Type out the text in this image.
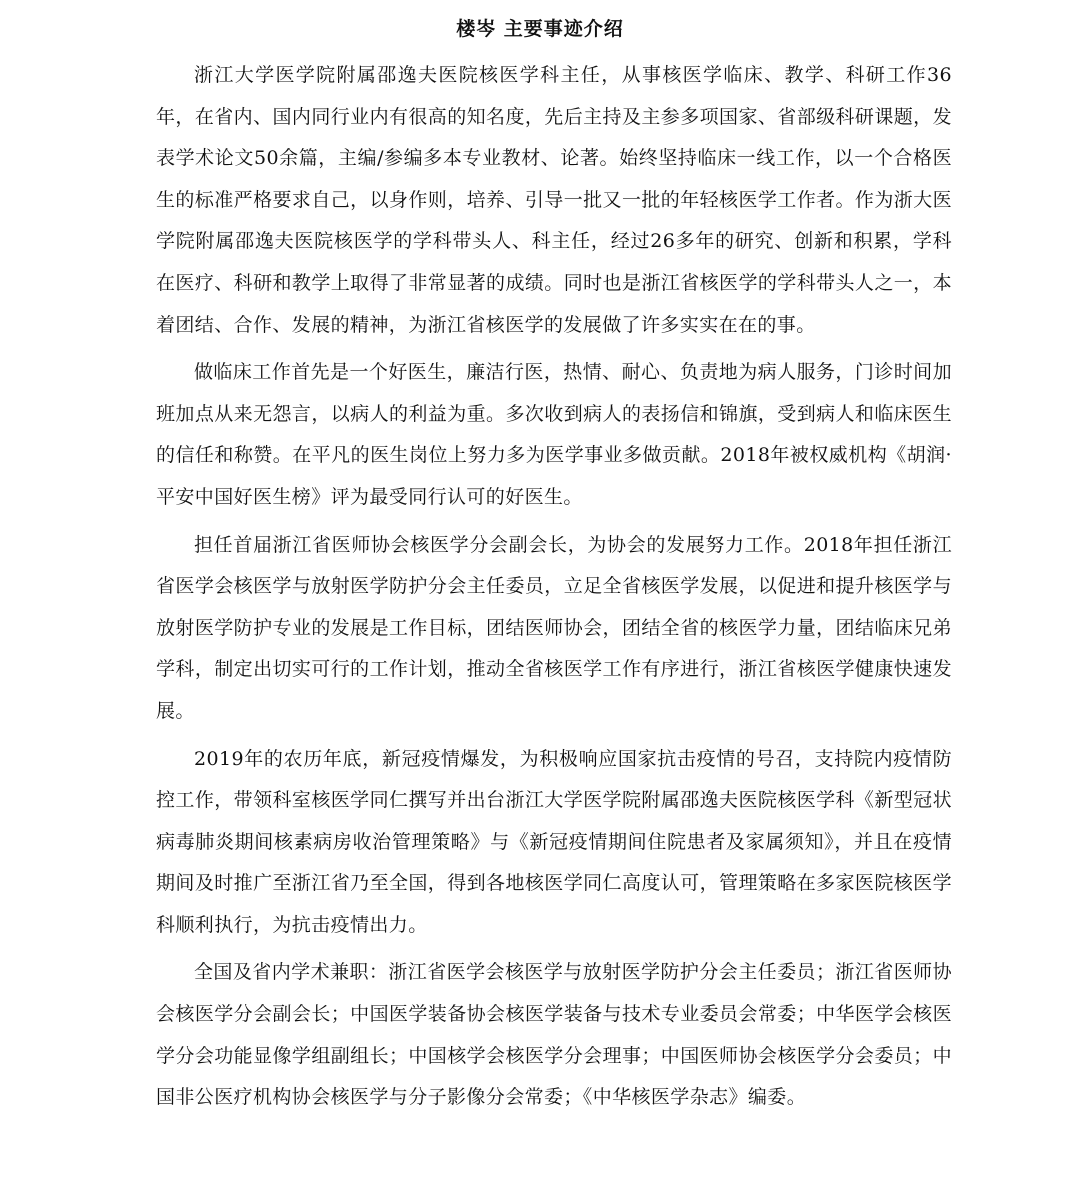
楼岑 主要事迹介绍

浙江大学医学院附属邵逸夫医院核医学科主任，从事核医学临床、教学、科研工作36年，在省内、国内同行业内有很高的知名度，先后主持及主参多项国家、省部级科研课题，发表学术论文50余篇，主编/参编多本专业教材、论著。始终坚持临床一线工作，以一个合格医生的标准严格要求自己，以身作则，培养、引导一批又一批的年轻核医学工作者。作为浙大医学院附属邵逸夫医院核医学的学科带头人、科主任，经过26多年的研究、创新和积累，学科在医疗、科研和教学上取得了非常显著的成绩。同时也是浙江省核医学的学科带头人之一，本着团结、合作、发展的精神，为浙江省核医学的发展做了许多实实在在的事。

做临床工作首先是一个好医生，廉洁行医，热情、耐心、负责地为病人服务，门诊时间加班加点从来无怨言，以病人的利益为重。多次收到病人的表扬信和锦旗，受到病人和临床医生的信任和称赞。在平凡的医生岗位上努力多为医学事业多做贡献。2018年被权威机构《胡润·平安中国好医生榜》评为最受同行认可的好医生。

担任首届浙江省医师协会核医学分会副会长，为协会的发展努力工作。2018年担任浙江省医学会核医学与放射医学防护分会主任委员，立足全省核医学发展，以促进和提升核医学与放射医学防护专业的发展是工作目标，团结医师协会，团结全省的核医学力量，团结临床兄弟学科，制定出切实可行的工作计划，推动全省核医学工作有序进行，浙江省核医学健康快速发展。

2019年的农历年底，新冠疫情爆发，为积极响应国家抗击疫情的号召，支持院内疫情防控工作，带领科室核医学同仁撰写并出台浙江大学医学院附属邵逸夫医院核医学科《新型冠状病毒肺炎期间核素病房收治管理策略》与《新冠疫情期间住院患者及家属须知》，并且在疫情期间及时推广至浙江省乃至全国，得到各地核医学同仁高度认可，管理策略在多家医院核医学科顺利执行，为抗击疫情出力。

全国及省内学术兼职：浙江省医学会核医学与放射医学防护分会主任委员；浙江省医师协会核医学分会副会长；中国医学装备协会核医学装备与技术专业委员会常委；中华医学会核医学分会功能显像学组副组长；中国核学会核医学分会理事；中国医师协会核医学分会委员；中国非公医疗机构协会核医学与分子影像分会常委；《中华核医学杂志》编委。
